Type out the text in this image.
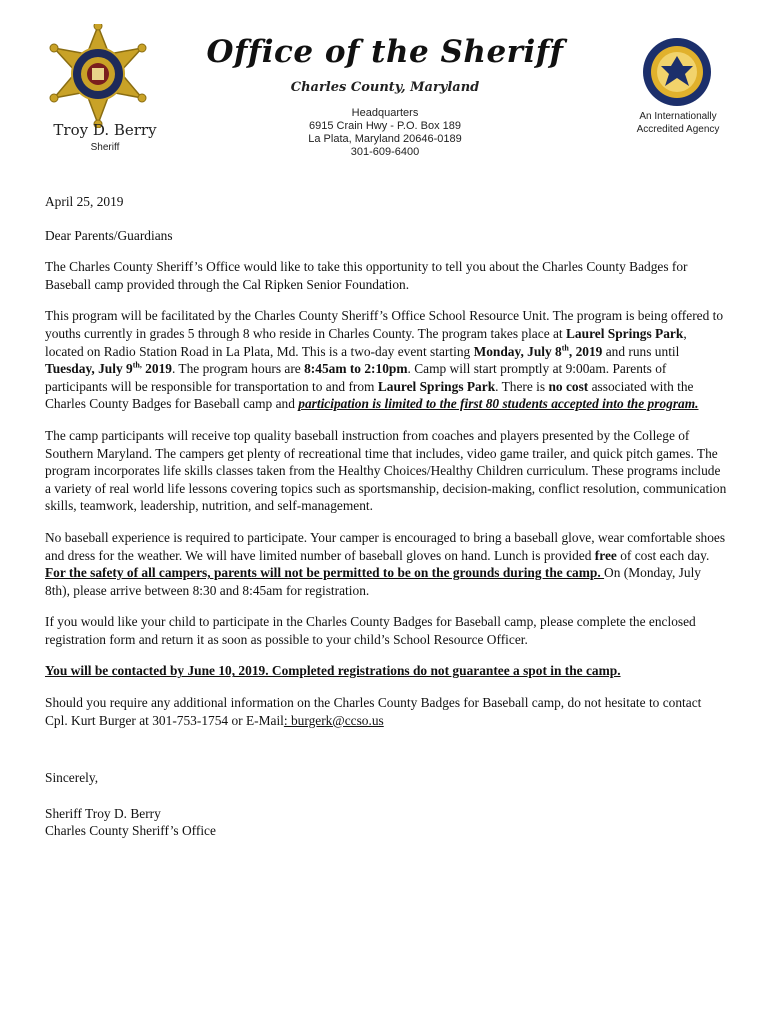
Troy D. Berry
Sheriff
Office of the Sheriff
Charles County, Maryland
Headquarters
6915 Crain Hwy - P.O. Box 189
La Plata, Maryland 20646-0189
301-609-6400
An Internationally
Accredited Agency

April 25, 2019

Dear Parents/Guardians

The Charles County Sheriff’s Office would like to take this opportunity to tell you about the Charles County Badges for Baseball camp provided through the Cal Ripken Senior Foundation.

This program will be facilitated by the Charles County Sheriff’s Office School Resource Unit. The program is being offered to youths currently in grades 5 through 8 who reside in Charles County. The program takes place at Laurel Springs Park, located on Radio Station Road in La Plata, Md. This is a two-day event starting Monday, July 8th, 2019 and runs until Tuesday, July $9^{th,}$ 2019. The program hours are 8:45am to 2:10pm. Camp will start promptly at 9:00am. Parents of participants will be responsible for transportation to and from Laurel Springs Park. There is no cost associated with the Charles County Badges for Baseball camp and participation is limited to the first 80 students accepted into the program.

The camp participants will receive top quality baseball instruction from coaches and players presented by the College of Southern Maryland. The campers get plenty of recreational time that includes, video game trailer, and quick pitch games. The program incorporates life skills classes taken from the Healthy Choices/Healthy Children curriculum. These programs include a variety of real world life lessons covering topics such as sportsmanship, decision-making, conflict resolution, communication skills, teamwork, leadership, nutrition, and self-management.

No baseball experience is required to participate. Your camper is encouraged to bring a baseball glove, wear comfortable shoes and dress for the weather. We will have limited number of baseball gloves on hand. Lunch is provided free of cost each day. For the safety of all campers, parents will not be permitted to be on the grounds during the camp. On (Monday, July 8th), please arrive between 8:30 and 8:45am for registration.

If you would like your child to participate in the Charles County Badges for Baseball camp, please complete the enclosed registration form and return it as soon as possible to your child’s School Resource Officer.

You will be contacted by June 10, 2019. Completed registrations do not guarantee a spot in the camp.

Should you require any additional information on the Charles County Badges for Baseball camp, do not hesitate to contact Cpl. Kurt Burger at 301-753-1754 or E-Mail: burgerk@ccso.us

Sincerely,

Sheriff Troy D. Berry
Charles County Sheriff’s Office
